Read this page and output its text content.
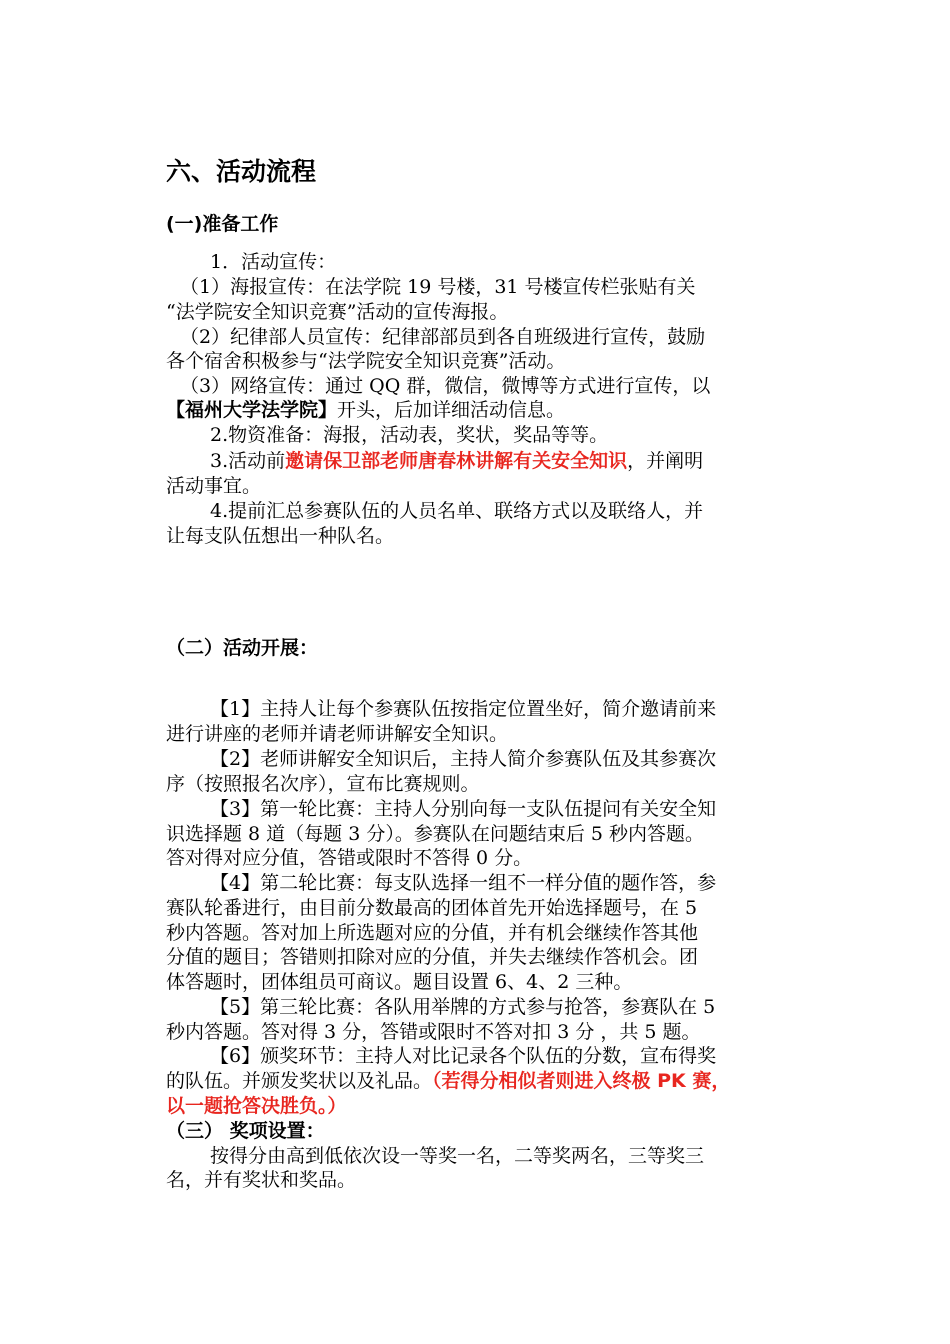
六、活动流程
(一)准备工作
1．活动宣传：
（1）海报宣传：在法学院 19 号楼，31 号楼宣传栏张贴有关
“法学院安全知识竞赛”活动的宣传海报。
（2）纪律部人员宣传：纪律部部员到各自班级进行宣传，鼓励
各个宿舍积极参与“法学院安全知识竞赛”活动。
（3）网络宣传：通过 QQ 群，微信，微博等方式进行宣传，以
【福州大学法学院】开头，后加详细活动信息。
2.物资准备：海报，活动表，奖状，奖品等等。
3.活动前邀请保卫部老师唐春林讲解有关安全知识，并阐明
活动事宜。
4.提前汇总参赛队伍的人员名单、联络方式以及联络人，并
让每支队伍想出一种队名。
（二）活动开展：
【1】主持人让每个参赛队伍按指定位置坐好，简介邀请前来
进行讲座的老师并请老师讲解安全知识。
【2】老师讲解安全知识后，主持人简介参赛队伍及其参赛次
序（按照报名次序），宣布比赛规则。
【3】第一轮比赛：主持人分别向每一支队伍提问有关安全知
识选择题 8 道（每题 3 分）。参赛队在问题结束后 5 秒内答题。
答对得对应分值，答错或限时不答得 0 分。
【4】第二轮比赛：每支队选择一组不一样分值的题作答，参
赛队轮番进行，由目前分数最高的团体首先开始选择题号，在 5
秒内答题。答对加上所选题对应的分值，并有机会继续作答其他
分值的题目；答错则扣除对应的分值，并失去继续作答机会。团
体答题时，团体组员可商议。题目设置 6、4、2 三种。
【5】第三轮比赛：各队用举牌的方式参与抢答，参赛队在 5
秒内答题。答对得 3 分，答错或限时不答对扣 3 分 ，共 5 题。
【6】颁奖环节：主持人对比记录各个队伍的分数，宣布得奖
的队伍。并颁发奖状以及礼品。（若得分相似者则进入终极 PK 赛，
以一题抢答决胜负。）
（三） 奖项设置：
按得分由高到低依次设一等奖一名，二等奖两名，三等奖三
名，并有奖状和奖品。
